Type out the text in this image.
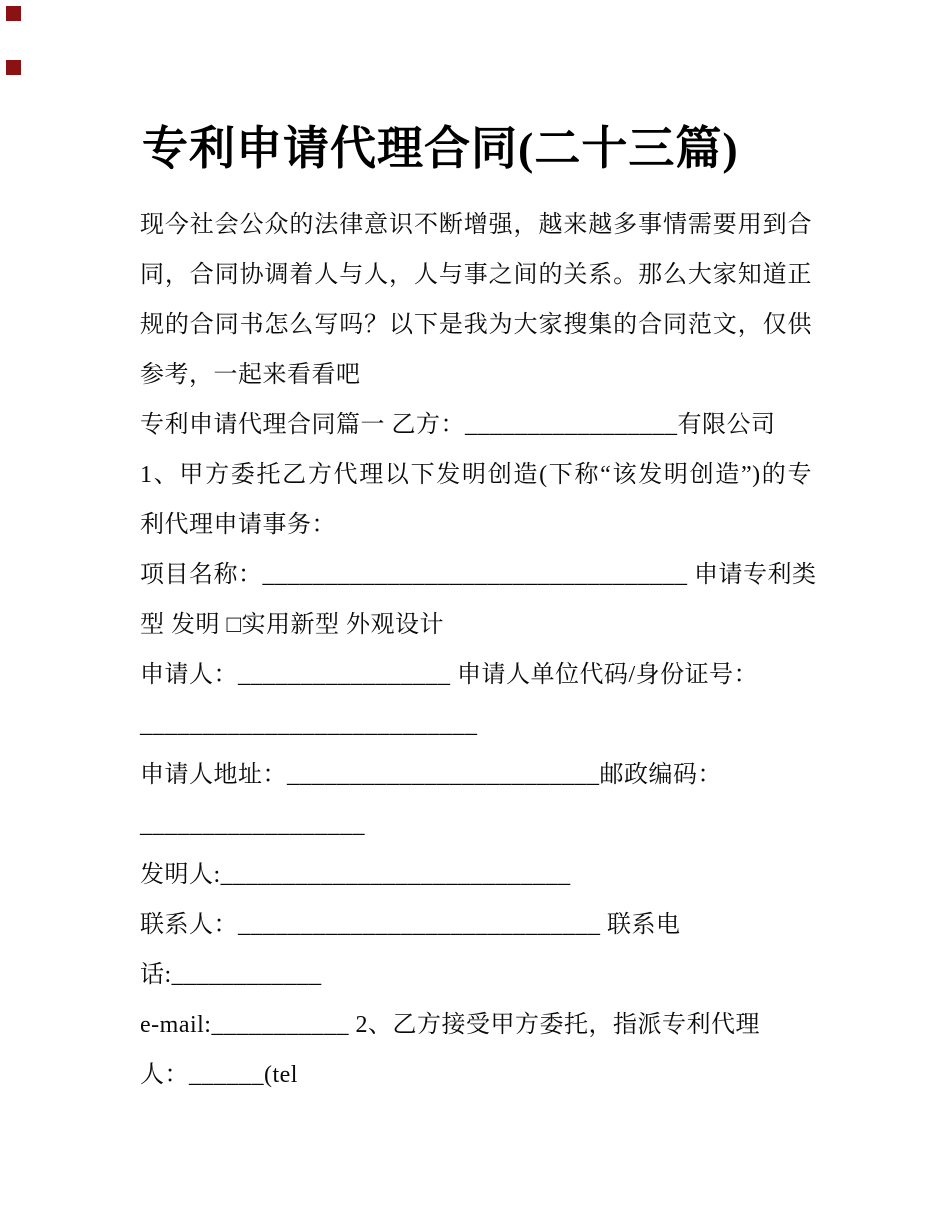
专利申请代理合同(二十三篇)

现今社会公众的法律意识不断增强，越来越多事情需要用到合

同，合同协调着人与人，人与事之间的关系。那么大家知道正

规的合同书怎么写吗？以下是我为大家搜集的合同范文，仅供

参考，一起来看看吧

专利申请代理合同篇一 乙方：_________________有限公司

1、甲方委托乙方代理以下发明创造(下称“该发明创造”)的专

利代理申请事务：

项目名称：__________________________________ 申请专利类

型 发明 □实用新型 外观设计

申请人：_________________ 申请人单位代码/身份证号：

___________________________

申请人地址：_________________________邮政编码：

__________________

发明人:____________________________

联系人：_____________________________ 联系电

话:____________

e-mail:___________ 2、乙方接受甲方委托，指派专利代理

人：______(tel
